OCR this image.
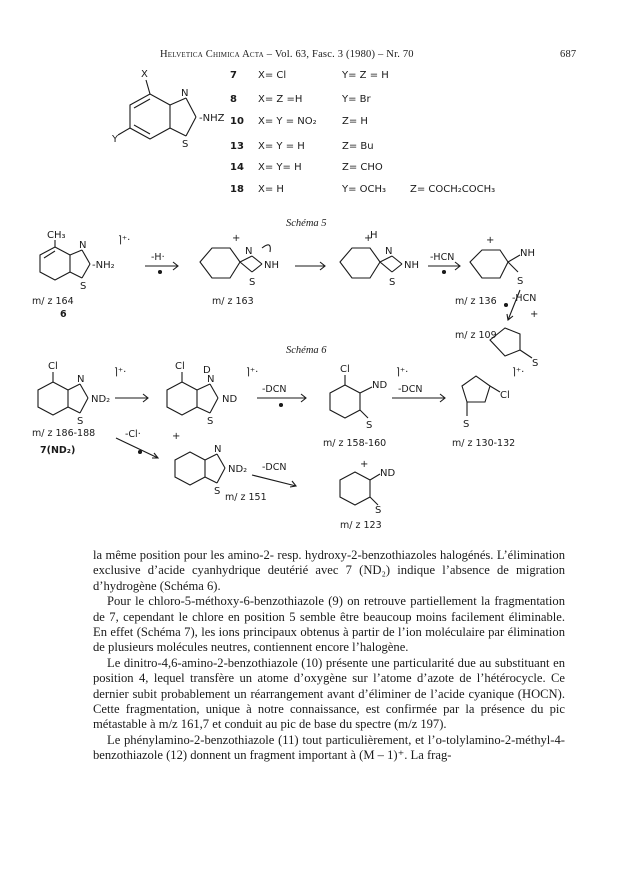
Helvetica Chimica Acta – Vol. 63, Fasc. 3 (1980) – Nr. 70	687
X
Y
N
S
-NHZ
CH₃
N
S
-NH₂
⌉⁺·	+
N
S
NH
+
H
N
S
NH
+
NH
S
+
S
Cl
N
S
ND₂
⌉⁺·
Cl D
N
S
ND
⌉⁺·	Cl
ND
S
⌉⁺·
Cl
S
⌉⁺·
+
N
S
ND₂	+
ND
S
7 X= Cl	Y= Z = H
8 X= Z =H	Y= Br
10 X= Y = NO₂	Z= H
13 X= Y = H	Z= Bu
14 X= Y= H	Z= CHO
18 X= H	Y= OCH₃ Z= COCH₂COCH₃
Schéma 5
m/ z 164
6
-H·
m/ z 163
-HCN
m/ z 136 -HCN
m/ z 109
Schéma 6
m/ z 186-188
7(ND₂)
-DCN
m/ z 158-160
-DCN
m/ z 130-132
-Cl·
m/ z 151
-DCN
m/ z 123

la même position pour les amino-2- resp. hydroxy-2-benzothiazoles halogénés. L’élimination exclusive d’acide cyanhydrique deutérié avec 7 (ND₂) indique l’absence de migration d’hydrogène (Schéma 6).

Pour le chloro-5-méthoxy-6-benzothiazole (9) on retrouve partiellement la fragmentation de 7, cependant le chlore en position 5 semble être beaucoup moins facilement éliminable. En effet (Schéma 7), les ions principaux obtenus à partir de l’ion moléculaire par élimination de plusieurs molécules neutres, contiennent encore l’halogène.

Le dinitro-4,6-amino-2-benzothiazole (10) présente une particularité due au substituant en position 4, lequel transfère un atome d’oxygène sur l’atome d’azote de l’hétérocycle. Ce dernier subit probablement un réarrangement avant d’éliminer de l’acide cyanique (HOCN). Cette fragmentation, unique à notre connaissance, est confirmée par la présence du pic métastable à m/z 161,7 et conduit au pic de base du spectre (m/z 197).

Le phénylamino-2-benzothiazole (11) tout particulièrement, et l’o-tolylamino-2-méthyl-4-benzothiazole (12) donnent un fragment important à (M – 1)⁺. La frag-
